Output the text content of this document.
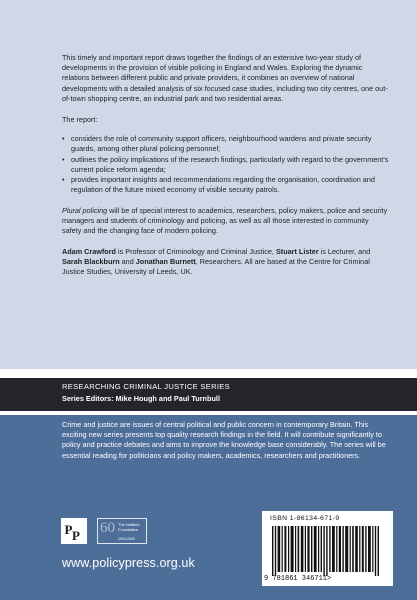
This timely and important report draws together the findings of an extensive two-year study of developments in the provision of visible policing in England and Wales. Exploring the dynamic relations between different public and private providers, it combines an overview of national developments with a detailed analysis of six focused case studies, including two city centres, one out-of-town shopping centre, an industrial park and two residential areas.

The report:

• considers the role of community support officers, neighbourhood wardens and private security guards, among other plural policing personnel;
• outlines the policy implications of the research findings, particularly with regard to the government's current police reform agenda;
• provides important insights and recommendations regarding the organisation, coordination and regulation of the future mixed economy of visible security patrols.

Plural policing will be of special interest to academics, researchers, policy makers, police and security managers and students of criminology and policing, as well as all those interested in community safety and the changing face of modern policing.

Adam Crawford is Professor of Criminology and Criminal Justice, Stuart Lister is Lecturer, and Sarah Blackburn and Jonathan Burnett, Researchers. All are based at the Centre for Criminal Justice Studies, University of Leeds, UK.

RESEARCHING CRIMINAL JUSTICE SERIES
Series Editors: Mike Hough and Paul Turnbull

Crime and justice are issues of central political and public concern in contemporary Britain. This exciting new series presents top quality research findings in the field. It will contribute significantly to policy and practice debates and aims to improve the knowledge base considerably. The series will be essential reading for politicians and policy makers, academics, researchers and practitioners.

P P 60 The Nuffield Foundation
1943-2003
www.policypress.org.uk
ISBN 1-86134-671-9
9 781861 346711>
